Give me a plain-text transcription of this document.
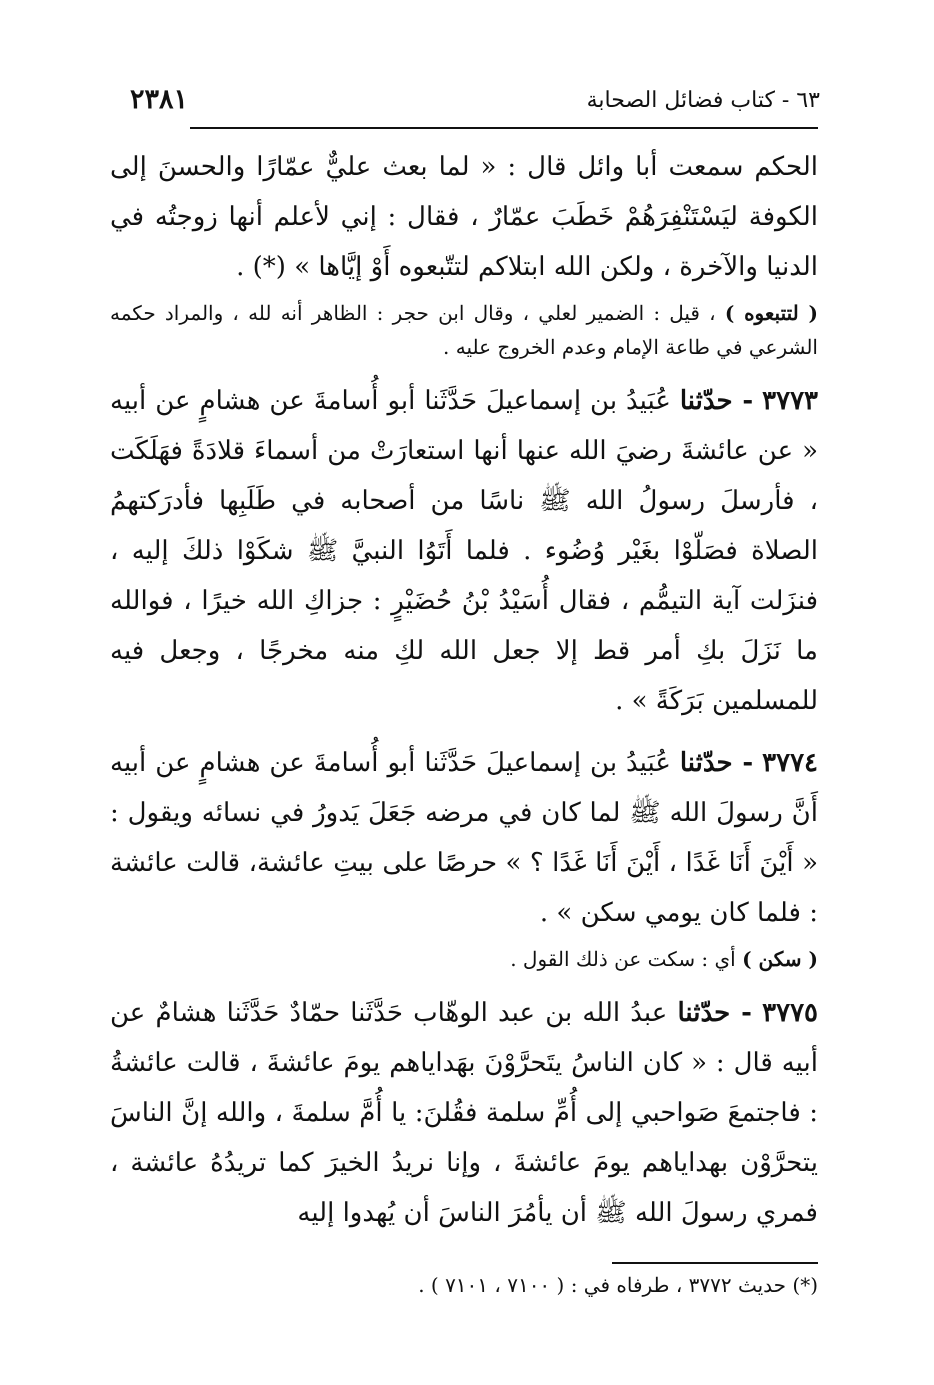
٢٣٨١	٦٣ - كتاب فضائل الصحابة

الحكم سمعت أبا وائل قال : « لما بعث عليٌّ عمّارًا والحسنَ إلى الكوفة ليَسْتَنْفِرَهُمْ خَطَبَ عمّارٌ ، فقال : إني لأعلم أنها زوجتُه في الدنيا والآخرة ، ولكن الله ابتلاكم لتتّبعوه أَوْ إيَّاها » (*) .

( لتتبعوه ) ، قيل : الضمير لعلي ، وقال ابن حجر : الظاهر أنه لله ، والمراد حكمه الشرعي في طاعة الإمام وعدم الخروج عليه .

٣٧٧٣ - حدّثنا عُبَيدُ بن إسماعيلَ حَدَّثَنا أبو أُسامةَ عن هشامٍ عن أبيه « عن عائشةَ رضيَ الله عنها أنها استعارَتْ من أسماءَ قلادَةً فهَلَكَت ، فأرسلَ رسولُ الله ﷺ ناسًا من أصحابه في طَلَبِها فأدرَكتهمُ الصلاة فصَلّوْا بغَيْر وُضُوء . فلما أَتَوُا النبيَّ ﷺ شكَوْا ذلكَ إليه ، فنزَلت آية التيمُّم ، فقال أُسَيْدُ بْنُ حُضَيْرٍ : جزاكِ الله خيرًا ، فوالله ما نَزَلَ بكِ أمر قط إلا جعل الله لكِ منه مخرجًا ، وجعل فيه للمسلمين بَرَكَةً » .

٣٧٧٤ - حدّثنا عُبَيدُ بن إسماعيلَ حَدَّثَنا أبو أُسامةَ عن هشامٍ عن أبيه أَنَّ رسولَ الله ﷺ لما كان في مرضه جَعَلَ يَدورُ في نسائه ويقول : « أَيْنَ أَنَا غَدًا ، أَيْنَ أَنَا غَدًا ؟ » حرصًا على بيتِ عائشة، قالت عائشة : فلما كان يومي سكن » .

( سكن ) أي : سكت عن ذلك القول .

٣٧٧٥ - حدّثنا عبدُ الله بن عبد الوهّاب حَدَّثَنا حمّادٌ حَدَّثَنا هشامٌ عن أبيه قال : « كان الناسُ يتَحرَّوْنَ بهَداياهم يومَ عائشةَ ، قالت عائشةُ : فاجتمعَ صَواحبي إلى أُمِّ سلمة فقُلنَ: يا أُمَّ سلمةَ ، والله إنَّ الناسَ يتحرَّوْن بهداياهم يومَ عائشةَ ، وإنا نريدُ الخيرَ كما تريدُهُ عائشة ، فمري رسولَ الله ﷺ أن يأمُرَ الناسَ أن يُهدوا إليه

(*) حديث ٣٧٧٢ ، طرفاه في : ( ٧١٠٠ ، ٧١٠١ ) .
